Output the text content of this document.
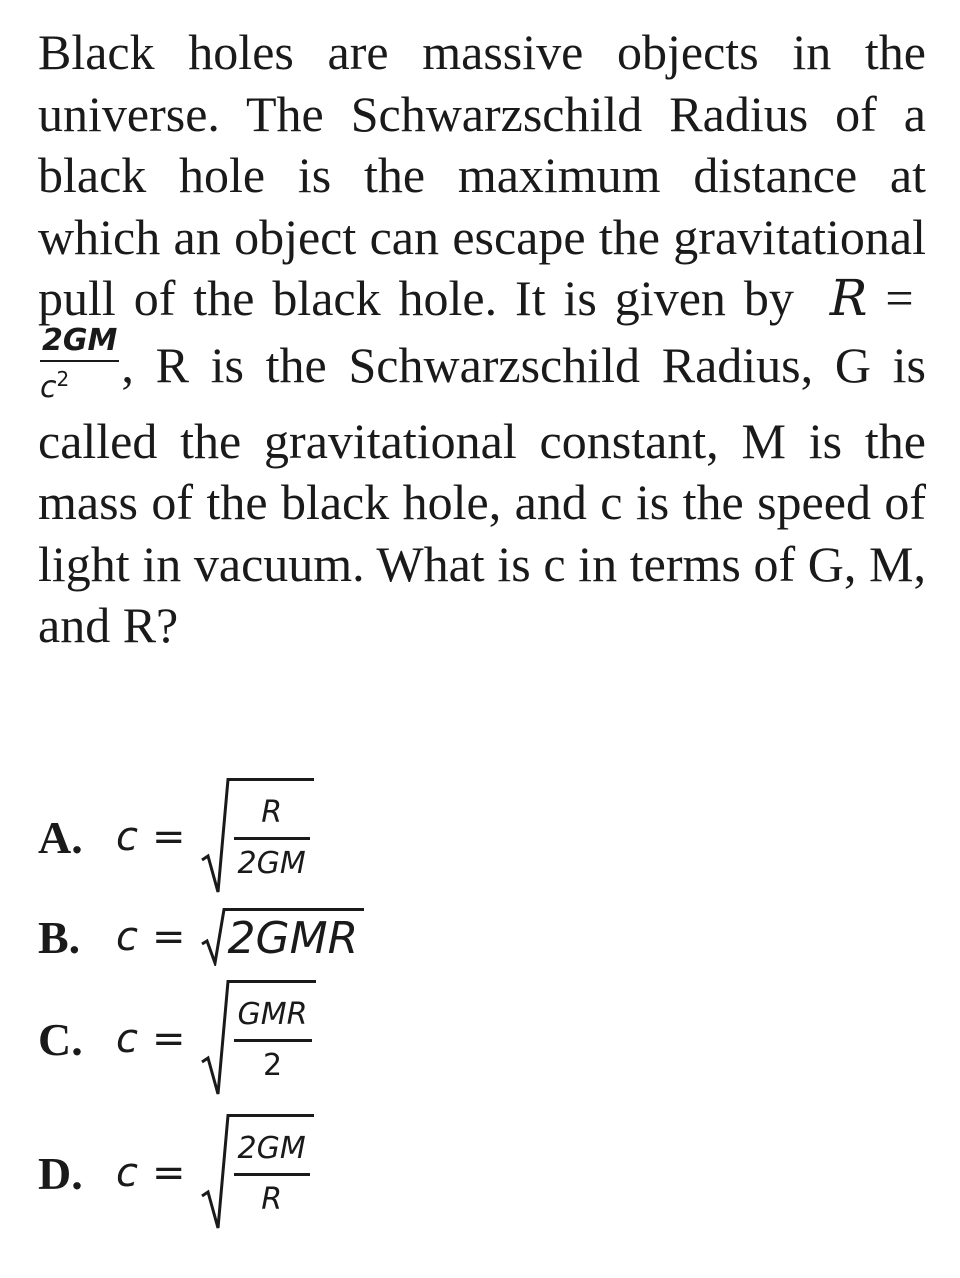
Black holes are massive objects in the universe. The Schwarzschild Radius of a black hole is the maximum distance at which an object can escape the gravitational pull of the black hole. It is given by R =
$\frac{2GM}{c^2}$ , R is the Schwarzschild Radius, G is called the gravitational constant, M is the mass of the black hole, and c is the speed of light in vacuum. What is c in terms of G, M, and R?

A. $c = \frac{R}{2GM}$
B. c = 2GMR
C. $c = \frac{\text{GMR}}{2}$
D. $c = \frac{2GM}{R}$
